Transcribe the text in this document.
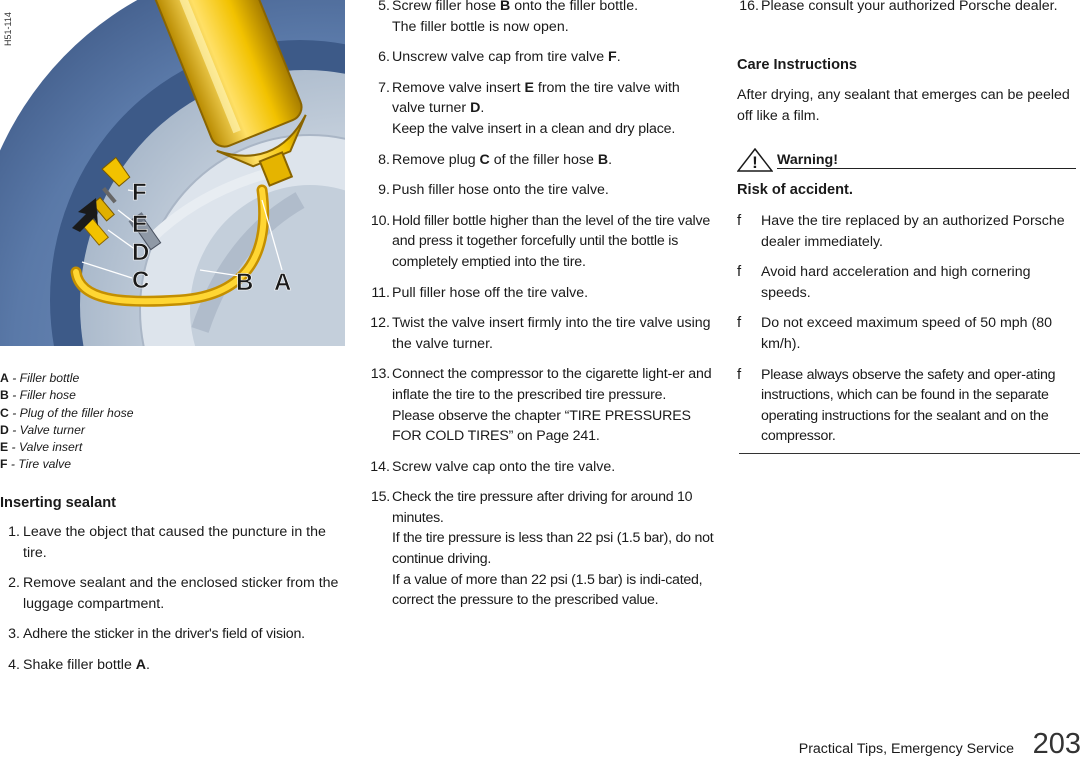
F
E
D
C	B A
H51-114
A - Filler bottle
B - Filler hose
C - Plug of the filler hose
D - Valve turner
E - Valve insert
F - Tire valve
Inserting sealant
1. Leave the object that caused the puncture in the tire.
2. Remove sealant and the enclosed sticker from the luggage compartment.
3. Adhere the sticker in the driver's field of vision.
4. Shake filler bottle A.
5. Screw filler hose B onto the filler bottle.
The filler bottle is now open.
6. Unscrew valve cap from tire valve F.
7. Remove valve insert E from the tire valve with valve turner D.
Keep the valve insert in a clean and dry place.
8. Remove plug C of the filler hose B.
9. Push filler hose onto the tire valve.
10. Hold filler bottle higher than the level of the tire valve and press it together forcefully until the bottle is completely emptied into the tire.
11. Pull filler hose off the tire valve.
12. Twist the valve insert firmly into the tire valve using the valve turner.
13. Connect the compressor to the cigarette light-er and inflate the tire to the prescribed tire pressure.
Please observe the chapter “TIRE PRESSURES FOR COLD TIRES” on Page 241.
14. Screw valve cap onto the tire valve.
15. Check the tire pressure after driving for around 10 minutes.
If the tire pressure is less than 22 psi (1.5 bar), do not continue driving.
If a value of more than 22 psi (1.5 bar) is indi-cated, correct the pressure to the prescribed value.
16. Please consult your authorized Porsche dealer.
Care Instructions
After drying, any sealant that emerges can be peeled off like a film.
! Warning!
Risk of accident.
f Have the tire replaced by an authorized Porsche dealer immediately.
f Avoid hard acceleration and high cornering speeds.
f Do not exceed maximum speed of 50 mph (80 km/h).
f Please always observe the safety and oper-ating instructions, which can be found in the separate operating instructions for the sealant and on the compressor.
Practical Tips, Emergency Service 203
